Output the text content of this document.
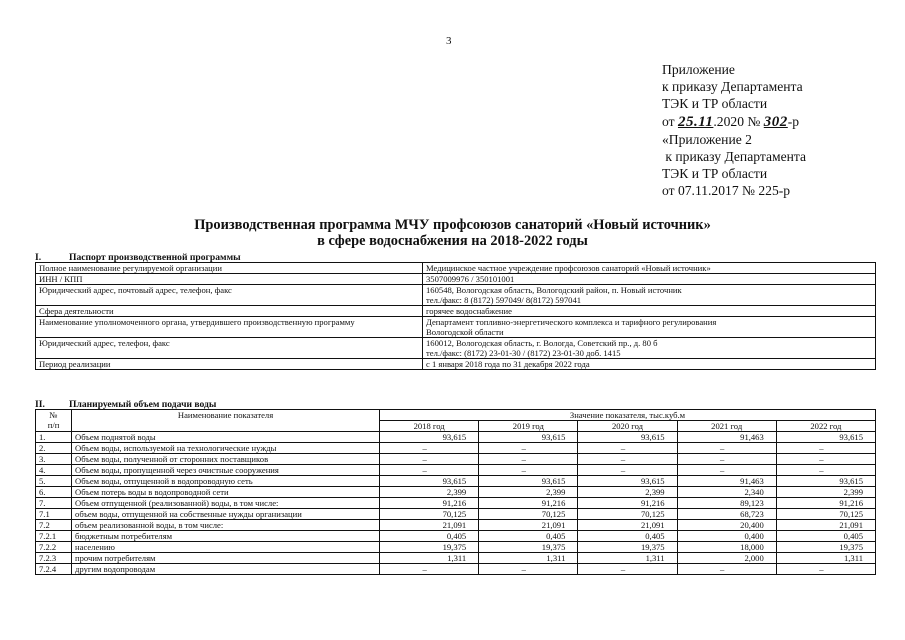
3
Приложение
к приказу Департамента
ТЭК и ТР области
от 25.11.2020 № 302-р
«Приложение 2
к приказу Департамента
ТЭК и ТР области
от 07.11.2017 № 225-р
Производственная программа МЧУ профсоюзов санаторий «Новый источник»
в сфере водоснабжения на 2018-2022 годы
I.	Паспорт производственной программы
Полное наименование регулируемой организации	Медицинское частное учреждение профсоюзов санаторий «Новый источник»

ИНН / КПП	3507009976 / 350101001

Юридический адрес, почтовый адрес, телефон, факс	160548, Вологодская область, Вологодский район, п. Новый источник
тел./факс: 8 (8172) 597049/ 8(8172) 597041

Сфера деятельности	горячее водоснабжение

Наименование уполномоченного органа, утвердившего производственную программу	Департамент топливно-энергетического комплекса и тарифного регулирования
Вологодской области

Юридический адрес, телефон, факс	160012, Вологодская область, г. Вологда, Советский пр., д. 80 б
тел./факс: (8172) 23-01-30 / (8172) 23-01-30 доб. 1415

Период реализации	с 1 января 2018 года по 31 декабря 2022 года
II.	Планируемый объем подачи воды
№
п/п	Наименование показателя	Значение показателя, тыс.куб.м				
		2018 год	2019 год	2020 год	2021 год	2022 год
1.	Объем поднятой воды	93,615	93,615	93,615	91,463	93,615
2.	Объем воды, используемой на технологические нужды	–	–	–	–	–
3.	Объем воды, полученной от сторонних поставщиков	–	–	–	–	–
4.	Объем воды, пропущенной через очистные сооружения	–	–	–	–	–
5.	Объем воды, отпущенной в водопроводную сеть	93,615	93,615	93,615	91,463	93,615
6.	Объем потерь воды в водопроводной сети	2,399	2,399	2,399	2,340	2,399
7.	Объем отпущенной (реализованной) воды, в том числе:	91,216	91,216	91,216	89,123	91,216
7.1	объем воды, отпущенной на собственные нужды организации	70,125	70,125	70,125	68,723	70,125
7.2	объем реализованной воды, в том числе:	21,091	21,091	21,091	20,400	21,091
7.2.1	бюджетным потребителям	0,405	0,405	0,405	0,400	0,405
7.2.2	населению	19,375	19,375	19,375	18,000	19,375
7.2.3	прочим потребителям	1,311	1,311	1,311	2,000	1,311
7.2.4	другим водопроводам	–	–	–	–	–
